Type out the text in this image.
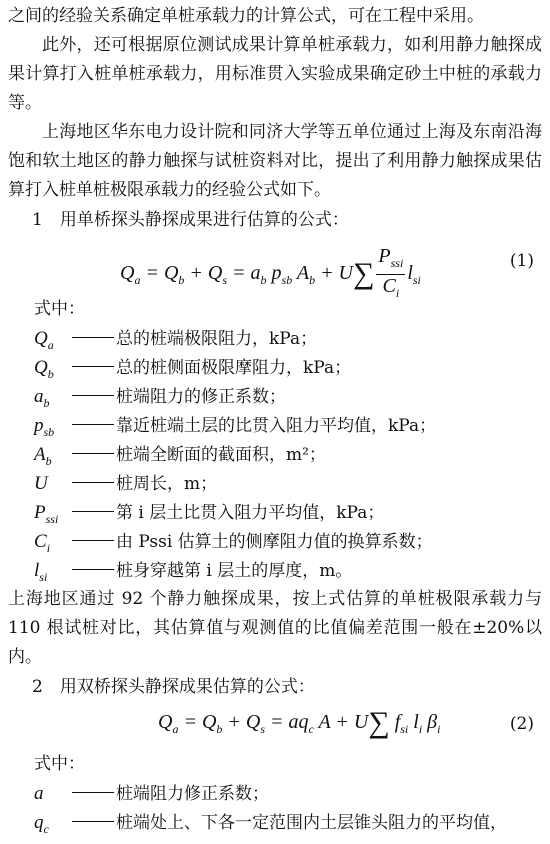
之间的经验关系确定单桩承载力的计算公式，可在工程中采用。

此外，还可根据原位测试成果计算单桩承载力，如利用静力触探成果计算打入桩单桩承载力，用标准贯入实验成果确定砂土中桩的承载力等。

上海地区华东电力设计院和同济大学等五单位通过上海及东南沿海饱和软土地区的静力触探与试桩资料对比，提出了利用静力触探成果估算打入桩单桩极限承载力的经验公式如下。

1　用单桥探头静探成果进行估算的公式：

$Q_a = Q_b + Q_s = a_b$ $p_{sb}$ $A_b + U\sum \frac{P_{ssi}}{C_i} l_{si}$
(1)

式中：

$Q_a$	总的桩端极限阻力，kPa；
$Q_b$	总的桩侧面极限摩阻力，kPa；
$a_b$	桩端阻力的修正系数；
$p_{sb}$	靠近桩端土层的比贯入阻力平均值，kPa；
$A_b$	桩端全断面的截面积，m²；
U	桩周长，m；
$P_{ssi}$	第 i 层土比贯入阻力平均值，kPa；
$C_i$	由 Pssi 估算土的侧摩阻力值的换算系数；
$l_{si}$	桩身穿越第 i 层土的厚度，m。

上海地区通过 92 个静力触探成果，按上式估算的单桩极限承载力与 110 根试桩对比，其估算值与观测值的比值偏差范围一般在±20%以内。

2　用双桥探头静探成果估算的公式：

$Q_a = Q_b + Q_s = aq_c$ A + U∑ $f_{si}$ $l_i$ $\beta_i$	(2)

式中：

a	桩端阻力修正系数；
$q_c$	桩端处上、下各一定范围内土层锥头阻力的平均值，
